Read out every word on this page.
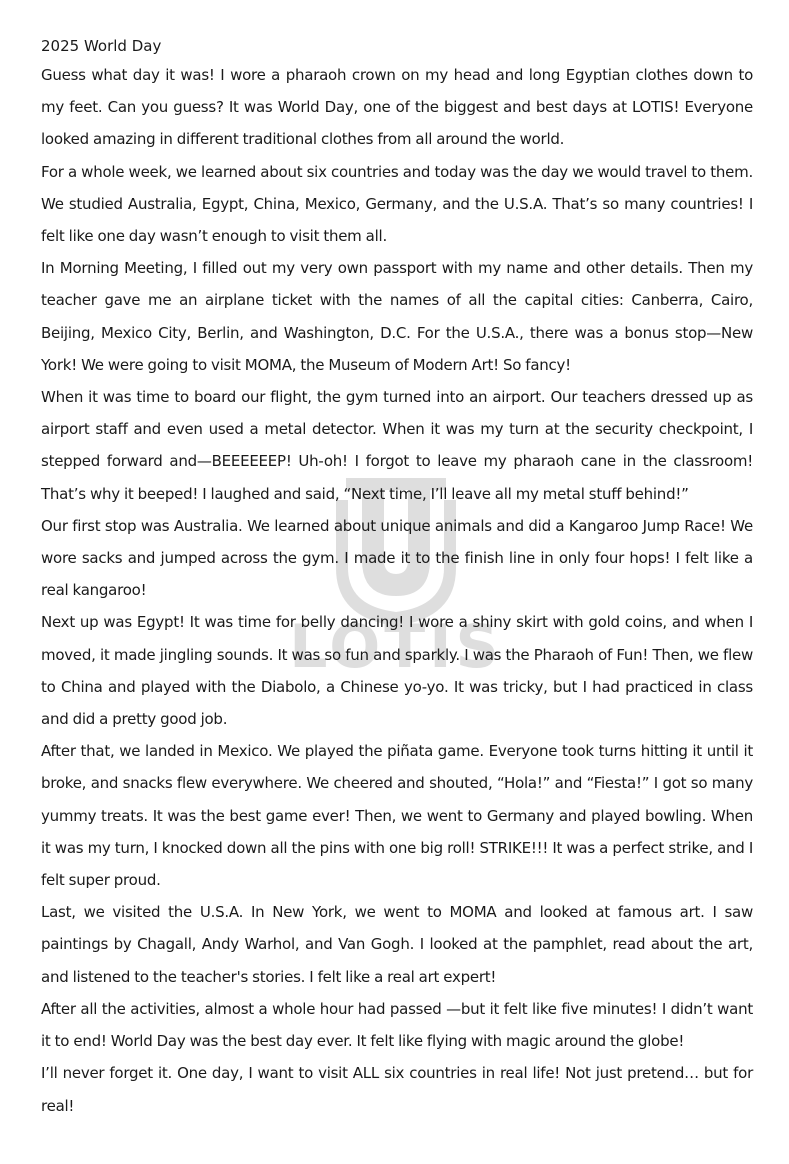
LOTIS
2025 World Day

Guess what day it was! I wore a pharaoh crown on my head and long Egyptian clothes down to my feet. Can you guess? It was World Day, one of the biggest and best days at LOTIS! Everyone looked amazing in different traditional clothes from all around the world.

For a whole week, we learned about six countries and today was the day we would travel to them. We studied Australia, Egypt, China, Mexico, Germany, and the U.S.A. That’s so many countries! I felt like one day wasn’t enough to visit them all.

In Morning Meeting, I filled out my very own passport with my name and other details. Then my teacher gave me an airplane ticket with the names of all the capital cities: Canberra, Cairo, Beijing, Mexico City, Berlin, and Washington, D.C. For the U.S.A., there was a bonus stop—New York! We were going to visit MOMA, the Museum of Modern Art! So fancy!

When it was time to board our flight, the gym turned into an airport. Our teachers dressed up as airport staff and even used a metal detector. When it was my turn at the security checkpoint, I stepped forward and—BEEEEEEP! Uh-oh! I forgot to leave my pharaoh cane in the classroom! That’s why it beeped! I laughed and said, “Next time, I’ll leave all my metal stuff behind!”

Our first stop was Australia. We learned about unique animals and did a Kangaroo Jump Race! We wore sacks and jumped across the gym. I made it to the finish line in only four hops! I felt like a real kangaroo!

Next up was Egypt! It was time for belly dancing! I wore a shiny skirt with gold coins, and when I moved, it made jingling sounds. It was so fun and sparkly. I was the Pharaoh of Fun! Then, we flew to China and played with the Diabolo, a Chinese yo-yo. It was tricky, but I had practiced in class and did a pretty good job.

After that, we landed in Mexico. We played the piñata game. Everyone took turns hitting it until it broke, and snacks flew everywhere. We cheered and shouted, “Hola!” and “Fiesta!” I got so many yummy treats. It was the best game ever! Then, we went to Germany and played bowling. When it was my turn, I knocked down all the pins with one big roll! STRIKE!!! It was a perfect strike, and I felt super proud.

Last, we visited the U.S.A. In New York, we went to MOMA and looked at famous art. I saw paintings by Chagall, Andy Warhol, and Van Gogh. I looked at the pamphlet, read about the art, and listened to the teacher's stories. I felt like a real art expert!

After all the activities, almost a whole hour had passed —but it felt like five minutes! I didn’t want it to end! World Day was the best day ever. It felt like flying with magic around the globe!

I’ll never forget it. One day, I want to visit ALL six countries in real life! Not just pretend… but for real!
